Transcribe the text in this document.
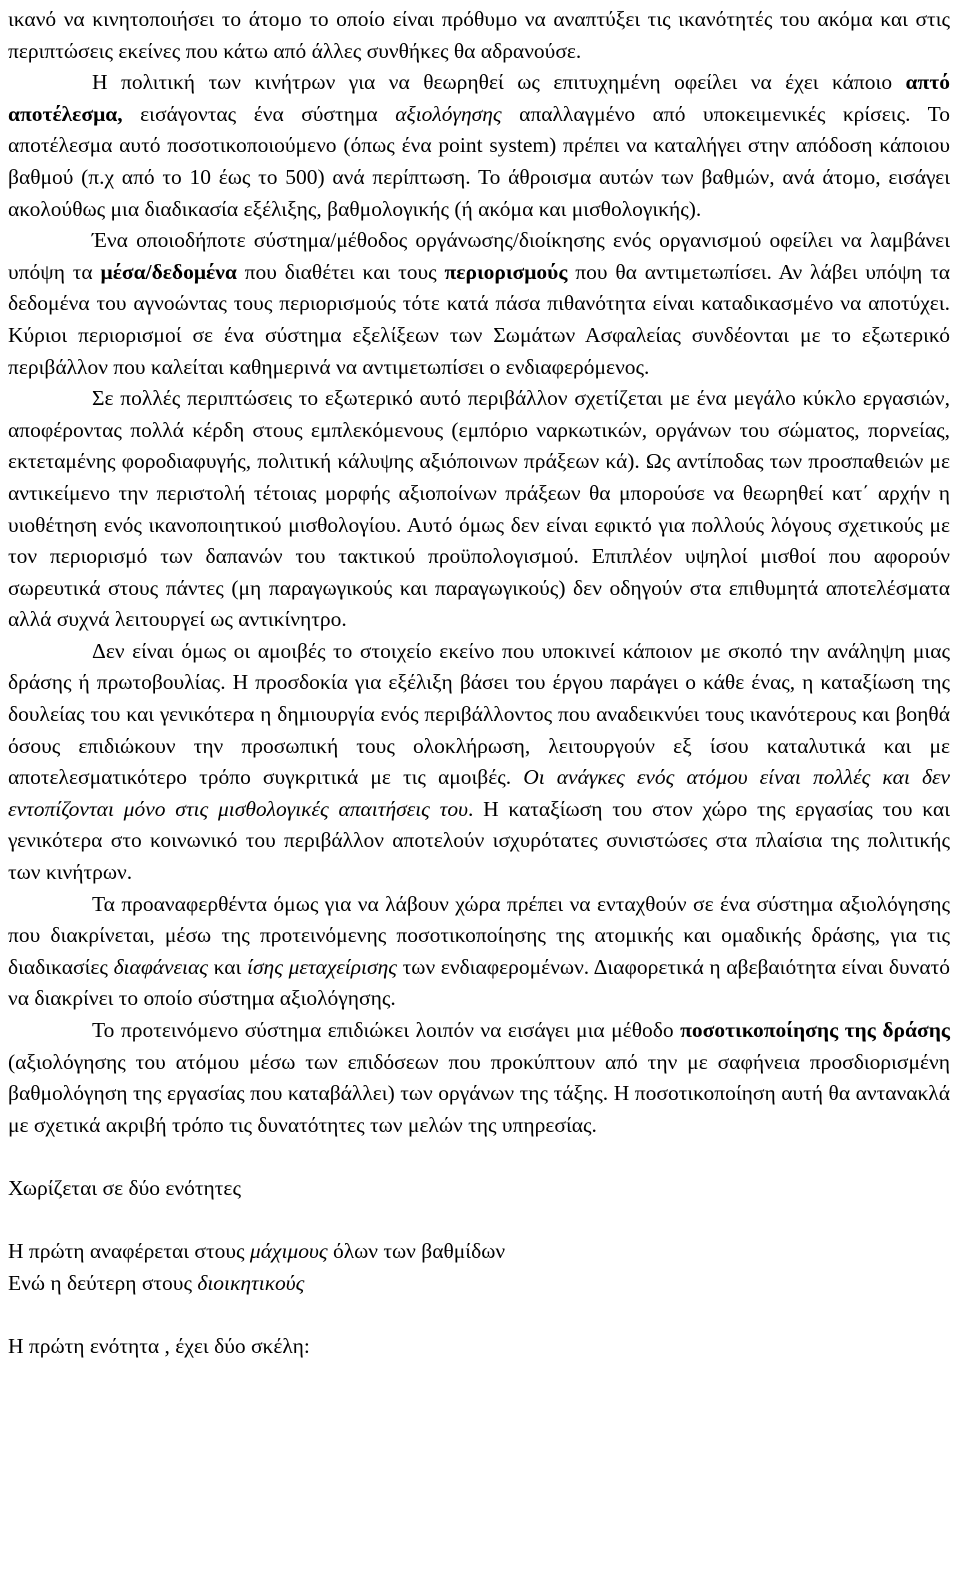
ικανό να κινητοποιήσει το άτομο το οποίο είναι πρόθυμο να αναπτύξει τις ικανότητές του ακόμα και στις περιπτώσεις εκείνες που κάτω από άλλες συνθήκες θα αδρανούσε.

Η πολιτική των κινήτρων για να θεωρηθεί ως επιτυχημένη οφείλει να έχει κάποιο απτό αποτέλεσμα, εισάγοντας ένα σύστημα αξιολόγησης απαλλαγμένο από υποκειμενικές κρίσεις. Το αποτέλεσμα αυτό ποσοτικοποιούμενο (όπως ένα point system) πρέπει να καταλήγει στην απόδοση κάποιου βαθμού (π.χ από το 10 έως το 500) ανά περίπτωση. Το άθροισμα αυτών των βαθμών, ανά άτομο, εισάγει ακολούθως μια διαδικασία εξέλιξης, βαθμολογικής (ή ακόμα και μισθολογικής).

Ένα οποιοδήποτε σύστημα/μέθοδος οργάνωσης/διοίκησης ενός οργανισμού οφείλει να λαμβάνει υπόψη τα μέσα/δεδομένα που διαθέτει και τους περιορισμούς που θα αντιμετωπίσει. Αν λάβει υπόψη τα δεδομένα του αγνοώντας τους περιορισμούς τότε κατά πάσα πιθανότητα είναι καταδικασμένο να αποτύχει. Κύριοι περιορισμοί σε ένα σύστημα εξελίξεων των Σωμάτων Ασφαλείας συνδέονται με το εξωτερικό περιβάλλον που καλείται καθημερινά να αντιμετωπίσει ο ενδιαφερόμενος.

Σε πολλές περιπτώσεις το εξωτερικό αυτό περιβάλλον σχετίζεται με ένα μεγάλο κύκλο εργασιών, αποφέροντας πολλά κέρδη στους εμπλεκόμενους (εμπόριο ναρκωτικών, οργάνων του σώματος, πορνείας, εκτεταμένης φοροδιαφυγής, πολιτική κάλυψης αξιόποινων πράξεων κά). Ως αντίποδας των προσπαθειών με αντικείμενο την περιστολή τέτοιας μορφής αξιοποίνων πράξεων θα μπορούσε να θεωρηθεί κατ΄ αρχήν η υιοθέτηση ενός ικανοποιητικού μισθολογίου. Αυτό όμως δεν είναι εφικτό για πολλούς λόγους σχετικούς με τον περιορισμό των δαπανών του τακτικού προϋπολογισμού. Επιπλέον υψηλοί μισθοί που αφορούν σωρευτικά στους πάντες (μη παραγωγικούς και παραγωγικούς) δεν οδηγούν στα επιθυμητά αποτελέσματα αλλά συχνά λειτουργεί ως αντικίνητρο.

Δεν είναι όμως οι αμοιβές το στοιχείο εκείνο που υποκινεί κάποιον με σκοπό την ανάληψη μιας δράσης ή πρωτοβουλίας. Η προσδοκία για εξέλιξη βάσει του έργου παράγει ο κάθε ένας, η καταξίωση της δουλείας του και γενικότερα η δημιουργία ενός περιβάλλοντος που αναδεικνύει τους ικανότερους και βοηθά όσους επιδιώκουν την προσωπική τους ολοκλήρωση, λειτουργούν εξ ίσου καταλυτικά και με αποτελεσματικότερο τρόπο συγκριτικά με τις αμοιβές. Οι ανάγκες ενός ατόμου είναι πολλές και δεν εντοπίζονται μόνο στις μισθολογικές απαιτήσεις του. Η καταξίωση του στον χώρο της εργασίας του και γενικότερα στο κοινωνικό του περιβάλλον αποτελούν ισχυρότατες συνιστώσες στα πλαίσια της πολιτικής των κινήτρων.

Τα προαναφερθέντα όμως για να λάβουν χώρα πρέπει να ενταχθούν σε ένα σύστημα αξιολόγησης που διακρίνεται, μέσω της προτεινόμενης ποσοτικοποίησης της ατομικής και ομαδικής δράσης, για τις διαδικασίες διαφάνειας και ίσης μεταχείρισης των ενδιαφερομένων. Διαφορετικά η αβεβαιότητα είναι δυνατό να διακρίνει το οποίο σύστημα αξιολόγησης.

Το προτεινόμενο σύστημα επιδιώκει λοιπόν να εισάγει μια μέθοδο ποσοτικοποίησης της δράσης (αξιολόγησης του ατόμου μέσω των επιδόσεων που προκύπτουν από την με σαφήνεια προσδιορισμένη βαθμολόγηση της εργασίας που καταβάλλει) των οργάνων της τάξης. Η ποσοτικοποίηση αυτή θα αντανακλά με σχετικά ακριβή τρόπο τις δυνατότητες των μελών της υπηρεσίας.

Χωρίζεται σε δύο ενότητες
Η πρώτη αναφέρεται στους μάχιμους όλων των βαθμίδων
Ενώ η δεύτερη στους διοικητικούς
Η πρώτη ενότητα , έχει δύο σκέλη:
